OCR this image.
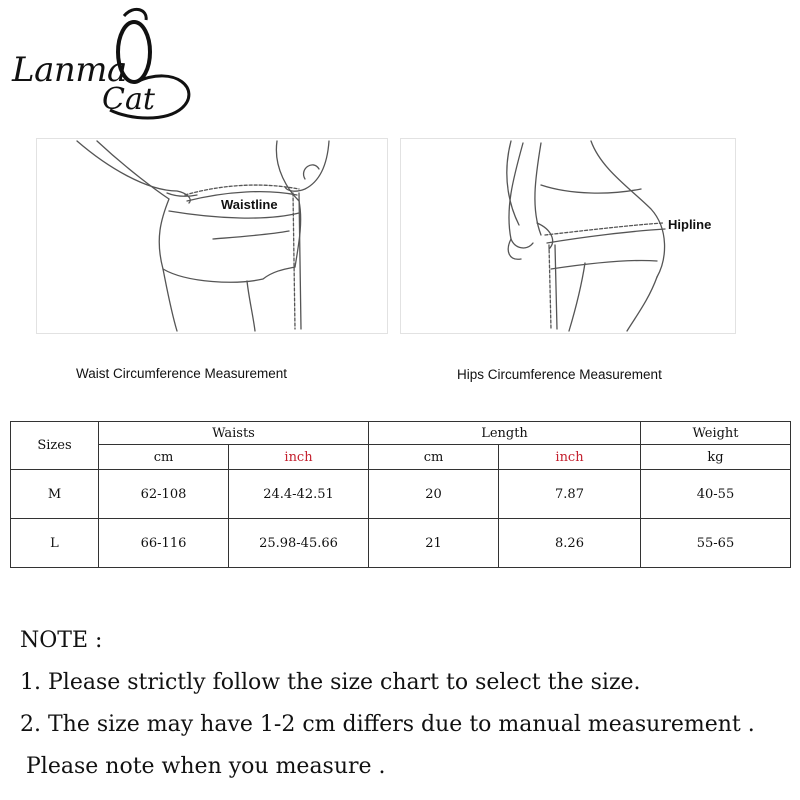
Lanma
Cat
Waistline
Waist Circumference Measurement
Hipline
Hips Circumference Measurement
Sizes	Waists		Length		Weight
	cm	inch	cm	inch	kg
M	62-108	24.4-42.51	20	7.87	40-55
L	66-116	25.98-45.66	21	8.26	55-65
NOTE :
1. Please strictly follow the size chart to select the size.
2. The size may have 1-2 cm differs due to manual measurement .
Please note when you measure .
